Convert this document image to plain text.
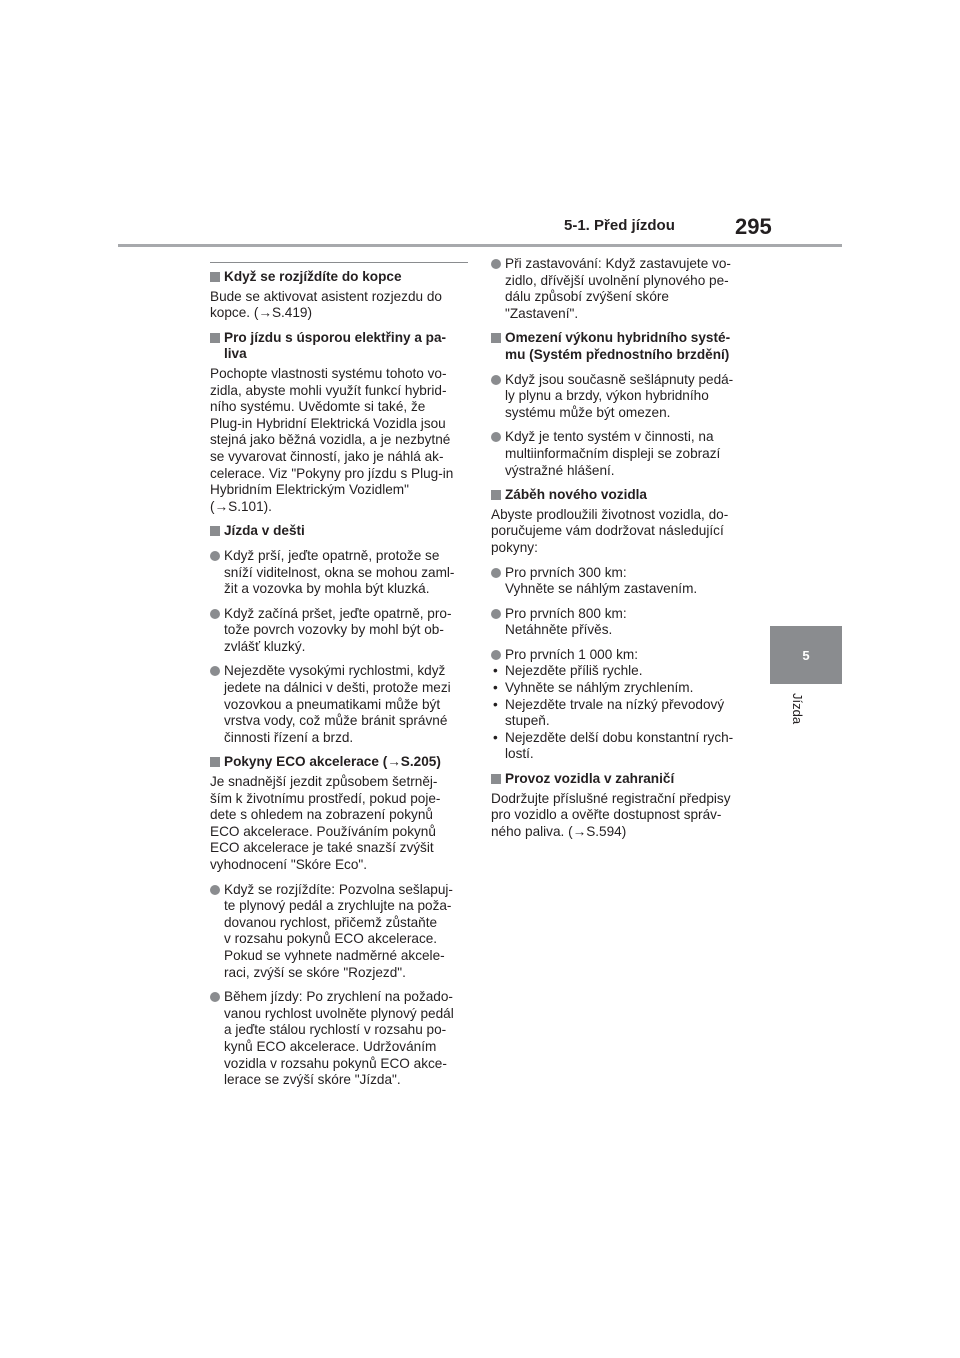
5-1. Před jízdou	295
5
Jízda
Když se rozjíždíte do kopce
Bude se aktivovat asistent rozjezdu do
kopce. (→S.419)
Pro jízdu s úsporou elektřiny a pa-
liva
Pochopte vlastnosti systému tohoto vo-
zidla, abyste mohli využít funkcí hybrid-
ního systému. Uvědomte si také, že
Plug-in Hybridní Elektrická Vozidla jsou
stejná jako běžná vozidla, a je nezbytné
se vyvarovat činností, jako je náhlá ak-
celerace. Viz "Pokyny pro jízdu s Plug-in
Hybridním Elektrickým Vozidlem"
(→S.101).
Jízda v dešti
Když prší, jeďte opatrně, protože se
sníží viditelnost, okna se mohou zaml-
žit a vozovka by mohla být kluzká.
Když začíná pršet, jeďte opatrně, pro-
tože povrch vozovky by mohl být ob-
zvlášť kluzký.
Nejezděte vysokými rychlostmi, když
jedete na dálnici v dešti, protože mezi
vozovkou a pneumatikami může být
vrstva vody, což může bránit správné
činnosti řízení a brzd.
Pokyny ECO akcelerace (→S.205)
Je snadnější jezdit způsobem šetrněj-
ším k životnímu prostředí, pokud poje-
dete s ohledem na zobrazení pokynů
ECO akcelerace. Používáním pokynů
ECO akcelerace je také snazší zvýšit
vyhodnocení "Skóre Eco".
Když se rozjíždíte: Pozvolna sešlapuj-
te plynový pedál a zrychlujte na poža-
dovanou rychlost, přičemž zůstaňte
v rozsahu pokynů ECO akcelerace.
Pokud se vyhnete nadměrné akcele-
raci, zvýší se skóre "Rozjezd".
Během jízdy: Po zrychlení na požado-
vanou rychlost uvolněte plynový pedál
a jeďte stálou rychlostí v rozsahu po-
kynů ECO akcelerace. Udržováním
vozidla v rozsahu pokynů ECO akce-
lerace se zvýší skóre "Jízda".
Při zastavování: Když zastavujete vo-
zidlo, dřívější uvolnění plynového pe-
dálu způsobí zvýšení skóre
"Zastavení".
Omezení výkonu hybridního systé-
mu (Systém přednostního brzdění)
Když jsou současně sešlápnuty pedá-
ly plynu a brzdy, výkon hybridního
systému může být omezen.
Když je tento systém v činnosti, na
multiinformačním displeji se zobrazí
výstražné hlášení.
Záběh nového vozidla
Abyste prodloužili životnost vozidla, do-
poručujeme vám dodržovat následující
pokyny:
Pro prvních 300 km:
Vyhněte se náhlým zastavením.
Pro prvních 800 km:
Netáhněte přívěs.
Pro prvních 1 000 km:
• Nejezděte příliš rychle.
• Vyhněte se náhlým zrychlením.
• Nejezděte trvale na nízký převodový
stupeň.
• Nejezděte delší dobu konstantní rych-
lostí.
Provoz vozidla v zahraničí
Dodržujte příslušné registrační předpisy
pro vozidlo a ověřte dostupnost správ-
ného paliva. (→S.594)
